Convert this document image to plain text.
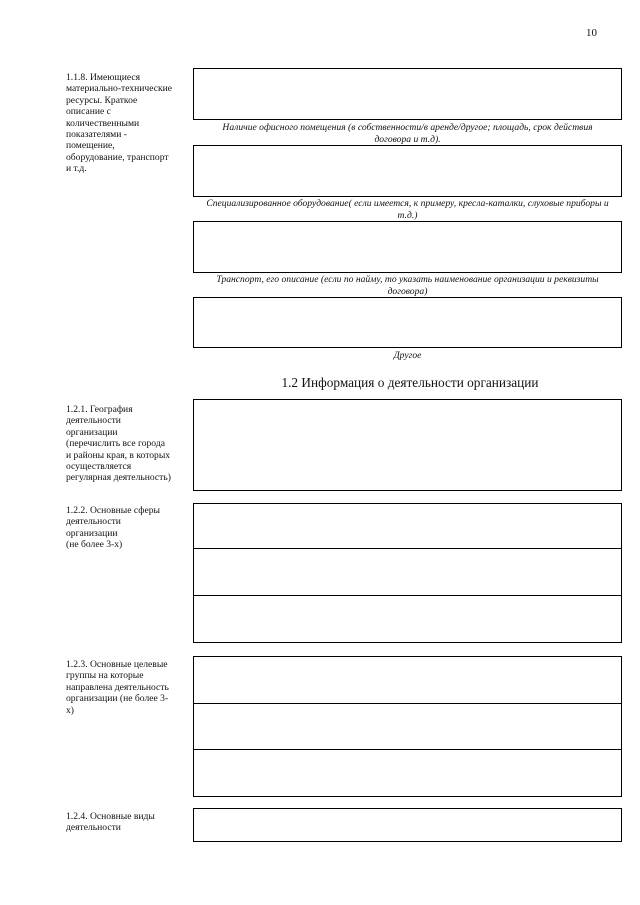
10
1.1.8. Имеющиеся
материально-технические
ресурсы. Краткое
описание с
количественными
показателями -
помещение,
оборудование, транспорт
и т.д.
Наличие офисного помещения (в собственности/в аренде/другое; площадь, срок действия договора и т.д).
Специализированное оборудование( если имеется, к примеру, кресла-каталки, слуховые приборы и т.д.)
Транспорт, его описание (если по найму, то указать наименование организации и реквизиты договора)
Другое
1.2 Информация о деятельности организации
1.2.1. География
деятельности
организации
(перечислить все города
и районы края, в которых
осуществляется
регулярная деятельность)
1.2.2. Основные сферы
деятельности
организации
(не более 3-х)
1.2.3. Основные целевые
группы на которые
направлена деятельность
организации (не более 3-
х)
1.2.4. Основные виды
деятельности
